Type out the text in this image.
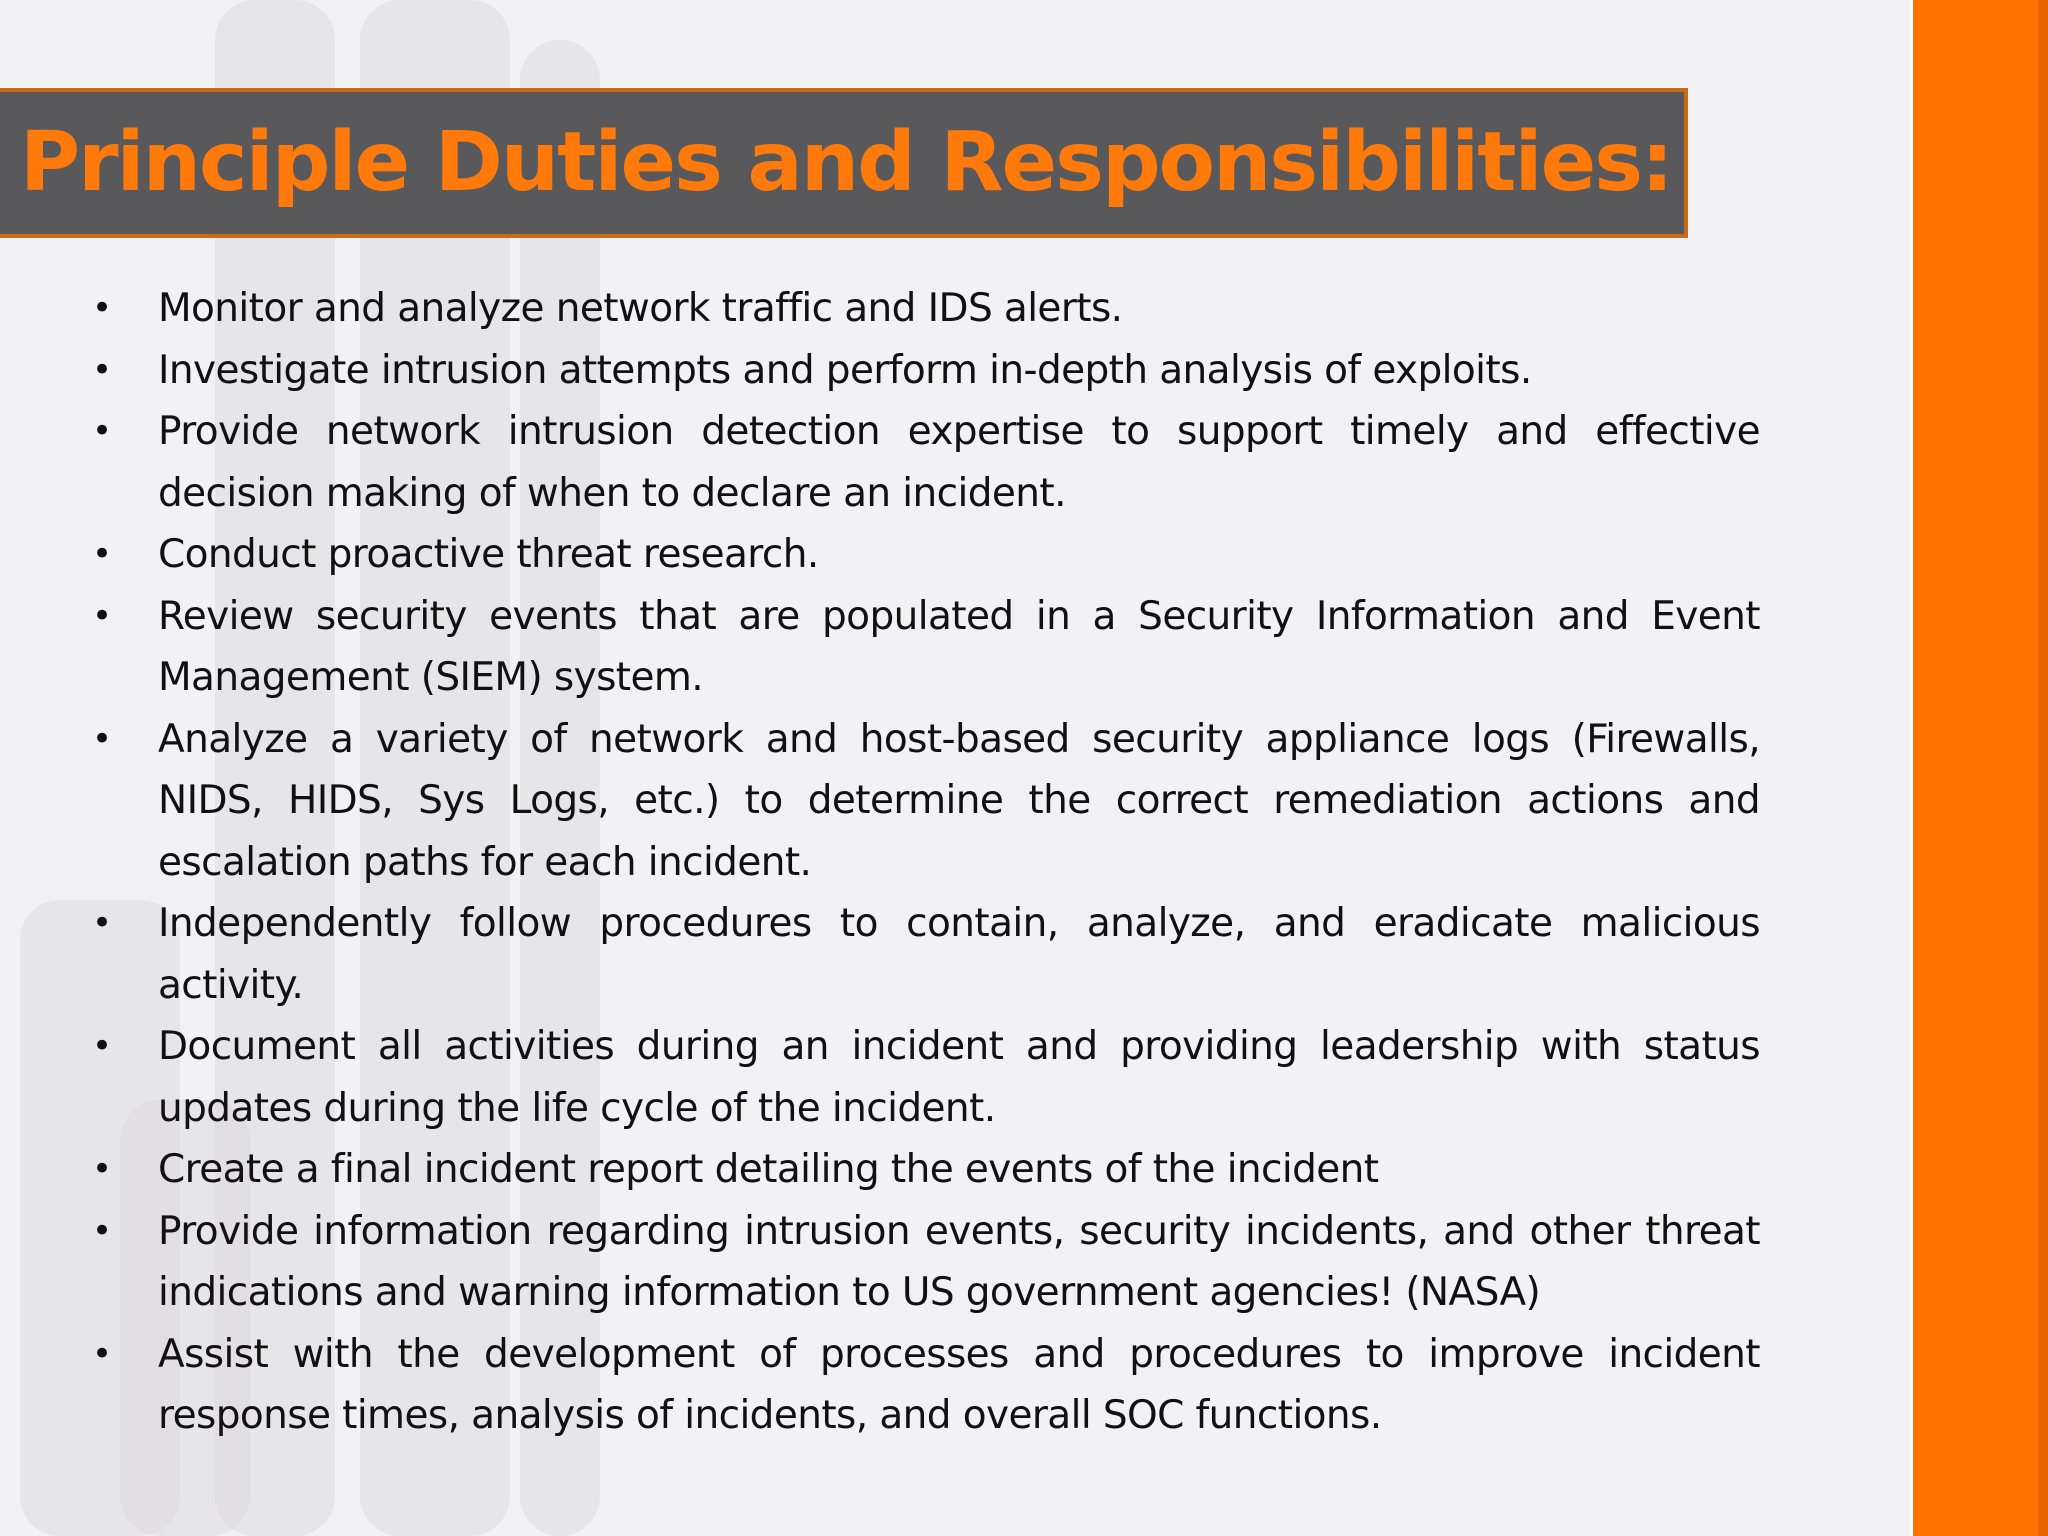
Principle Duties and Responsibilities:
• Monitor and analyze network traffic and IDS alerts.
• Investigate intrusion attempts and perform in-depth analysis of exploits.
• Provide network intrusion detection expertise to support timely and effective decision making of when to declare an incident.
• Conduct proactive threat research.
• Review security events that are populated in a Security Information and Event Management (SIEM) system.
• Analyze a variety of network and host-based security appliance logs (Firewalls, NIDS, HIDS, Sys Logs, etc.) to determine the correct remediation actions and escalation paths for each incident.
• Independently follow procedures to contain, analyze, and eradicate malicious activity.
• Document all activities during an incident and providing leadership with status updates during the life cycle of the incident.
• Create a final incident report detailing the events of the incident
• Provide information regarding intrusion events, security incidents, and other threat indications and warning information to US government agencies! (NASA)
• Assist with the development of processes and procedures to improve incident response times, analysis of incidents, and overall SOC functions.
